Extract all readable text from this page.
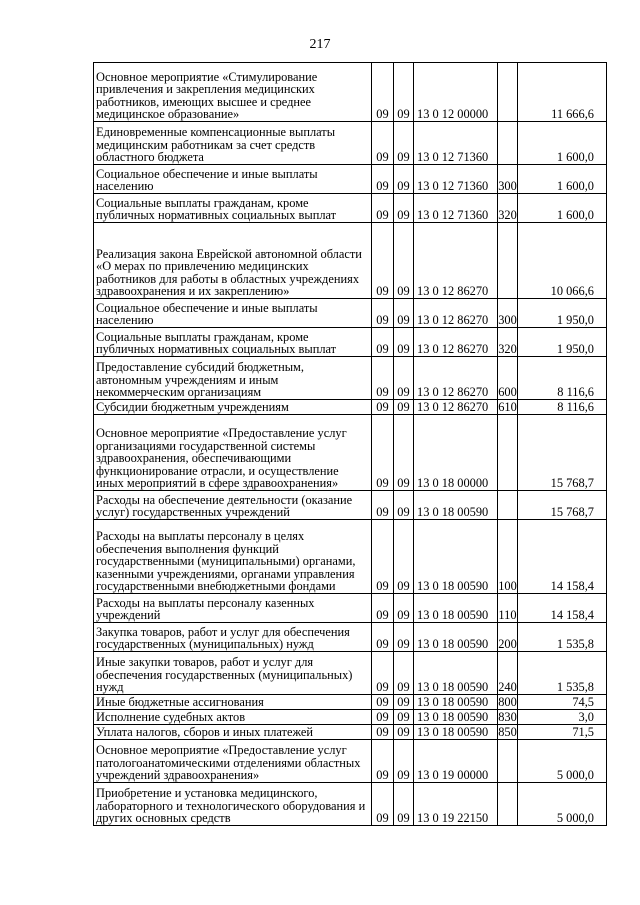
217
Основное мероприятие «Стимулирование привлечения и закрепления медицинских работников, имеющих высшее и среднее медицинское образование»	09	09	13 0 12 00000		11 666,6
Единовременные компенсационные выплаты медицинским работникам за счет средств областного бюджета	09	09	13 0 12 71360		1 600,0
Социальное обеспечение и иные выплаты населению	09	09	13 0 12 71360	300	1 600,0
Социальные выплаты гражданам, кроме публичных нормативных социальных выплат	09	09	13 0 12 71360	320	1 600,0
Реализация закона Еврейской автономной области «О мерах по привлечению медицинских работников для работы в областных учреждениях здравоохранения и их закреплению»	09	09	13 0 12 86270		10 066,6
Социальное обеспечение и иные выплаты населению	09	09	13 0 12 86270	300	1 950,0
Социальные выплаты гражданам, кроме публичных нормативных социальных выплат	09	09	13 0 12 86270	320	1 950,0
Предоставление субсидий бюджетным, автономным учреждениям и иным некоммерческим организациям	09	09	13 0 12 86270	600	8 116,6
Субсидии бюджетным учреждениям	09	09	13 0 12 86270	610	8 116,6
Основное мероприятие «Предоставление услуг организациями государственной системы здравоохранения, обеспечивающими функционирование отрасли, и осуществление иных мероприятий в сфере здравоохранения»	09	09	13 0 18 00000		15 768,7
Расходы на обеспечение деятельности (оказание услуг) государственных учреждений	09	09	13 0 18 00590		15 768,7
Расходы на выплаты персоналу в целях обеспечения выполнения функций государственными (муниципальными) органами, казенными учреждениями, органами управления государственными внебюджетными фондами	09	09	13 0 18 00590	100	14 158,4
Расходы на выплаты персоналу казенных учреждений	09	09	13 0 18 00590	110	14 158,4
Закупка товаров, работ и услуг для обеспечения государственных (муниципальных) нужд	09	09	13 0 18 00590	200	1 535,8
Иные закупки товаров, работ и услуг для обеспечения государственных (муниципальных) нужд	09	09	13 0 18 00590	240	1 535,8
Иные бюджетные ассигнования	09	09	13 0 18 00590	800	74,5
Исполнение судебных актов	09	09	13 0 18 00590	830	3,0
Уплата налогов, сборов и иных платежей	09	09	13 0 18 00590	850	71,5
Основное мероприятие «Предоставление услуг патологоанатомическими отделениями областных учреждений здравоохранения»	09	09	13 0 19 00000		5 000,0
Приобретение и установка медицинского, лабораторного и технологического оборудования и других основных средств	09	09	13 0 19 22150		5 000,0
